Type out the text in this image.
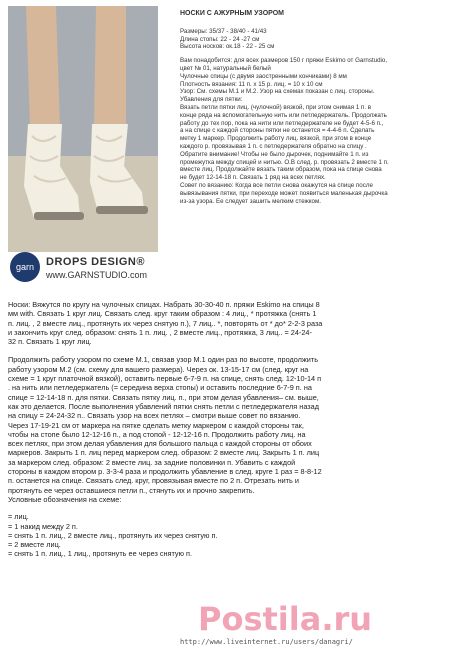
garn	DROPS DESIGN®
www.GARNSTUDIO.com

НОСКИ С АЖУРНЫМ УЗОРОМ

Размеры: 35/37 - 38/40 - 41/43

Длина стопы: 22 - 24 -27 см

Высота носков: ок.18 - 22 - 25 см

Вам понадобится: для всех размеров 150 г пряжи Eskimo от Garnstudio,

цвет № 01, натуральный белый

Чулочные спицы (с двумя заостренными кончиками) 8 мм

Плотность вязания: 11 п. х 15 р. лиц. = 10 х 10 см

Узор: См. схемы М.1 и М.2. Узор на схемах показан с лиц. стороны.

Убавления для пятки:

Вязать петли пятки лиц. (чулочной) вязкой, при этом снимая 1 п. в

конце ряда на вспомогательную нить или петледержатель. Продолжать

работу до тех пор, пока на нити или петледержателе не будет 4-5-6 п.,

а на спице с каждой стороны пятки не останется = 4-4-6 п. Сделать

метку 1 маркер. Продолжить работу лиц. вязкой, при этом в конце

каждого р. провязывая 1 п. с петледержателя обратно на спицу .

Обратите внимание! Чтобы не было дырочек, поднимайте 1 п. из

промежутка между спицей и нитью. О.В след. р. провязать 2 вместе 1 п.

вместе лиц. Продолжайте вязать таким образом, пока на спице снова

не будет 12-14-18 п. Связать 1 ряд на всех петлях.

Совет по вязанию: Когда все петли снова окажутся на спице после

вывязывания пятки, при переходе может появиться маленькая дырочка

из-за узора. Ее следует зашить мелким стежком.

Носки: Вяжутся по кругу на чулочных спицах. Набрать 30-30-40 п. пряжи Eskimo на спицы 8

мм with. Связать 1 круг лиц. Связать след. круг таким образом : 4 лиц., * протяжка (снять 1

п. лиц. , 2 вместе лиц., протянуть их через снятую п.), 7 лиц.. *, повторять от * до* 2-2-3 раза

и закончить круг след. образом: снять 1 п. лиц. , 2 вместе лиц., протяжка, 3 лиц.. = 24-24-

32 п. Связать 1 круг лиц.

Продолжить работу узором по схеме М.1, связав узор М.1 один раз по высоте, продолжить

работу узором М.2 (см. схему для вашего размера). Через ок. 13-15-17 см (след. круг на

схеме = 1 круг платочной вязкой), оставить первые 6-7-9 п. на спице, снять след. 12-10-14 п

. на нить или петледержатель (= середина верха стопы) и оставить последние 6-7-9 п. на

спице = 12-14-18 п. для пятки. Связать пятку лиц. п., при этом делая убавления– см. выше,

как это делается. После выполнения убавлений пятки снять петли с петледержателя назад

на спицу = 24-24-32 п.. Связать узор на всех петлях – смотри выше совет по вязанию.

Через 17-19-21 см от маркера на пятке сделать метку маркером с каждой стороны так,

чтобы на стопе было 12-12-16 п., а под стопой - 12-12-16 п. Продолжить работу лиц. на

всех петлях, при этом делая убавления для большого пальца с каждой стороны от обоих

маркеров. Закрыть 1 п. лиц перед маркером след. образом: 2 вместе лиц. Закрыть 1 п. лиц

за маркером след. образом: 2 вместе лиц. за задние половинки п. Убавить с каждой

стороны в каждом втором р. 3-3-4 раза и продолжить убавление в след. круге 1 раз = 8-8-12

п. останется на спице. Связать след. круг, провязывая вместе по 2 п. Отрезать нить и

протянуть ее через оставшиеся петли п., стянуть их и прочно закрепить.

Условные обозначения на схеме:

= лиц.

= 1 накид между 2 п.

= снять 1 п. лиц., 2 вместе лиц., протянуть их через снятую п.

= 2 вместе лиц.

= снять 1 п. лиц., 1 лиц., протянуть ее через снятую п.

Postila.ru
http://www.liveinternet.ru/users/danagri/
